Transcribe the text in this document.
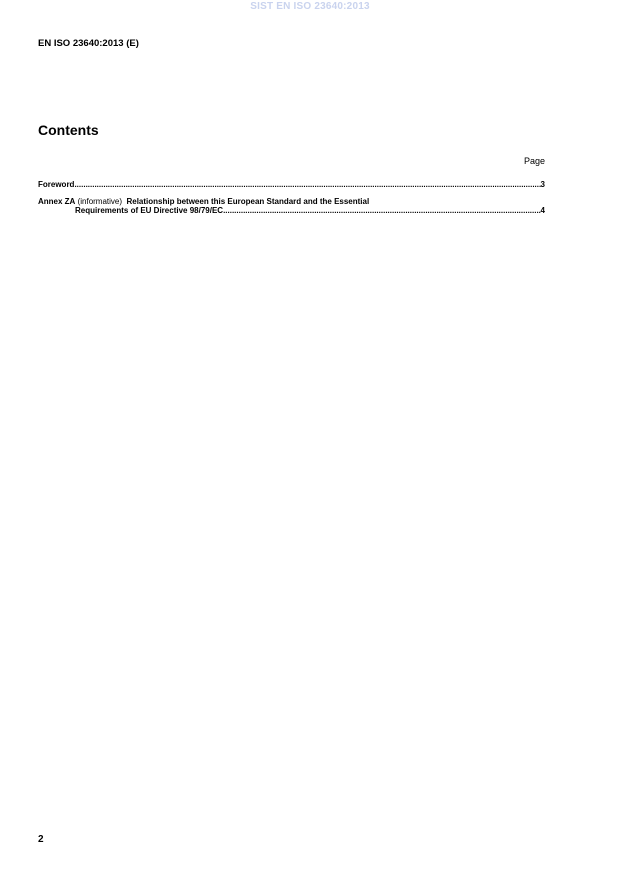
SIST EN ISO 23640:2013
EN ISO 23640:2013 (E)
Contents
Page
Foreword .....	3
Annex ZA
(informative)
Relationship between this European Standard and the Essential
Requirements of EU Directive 98/79/EC .....	4
2
